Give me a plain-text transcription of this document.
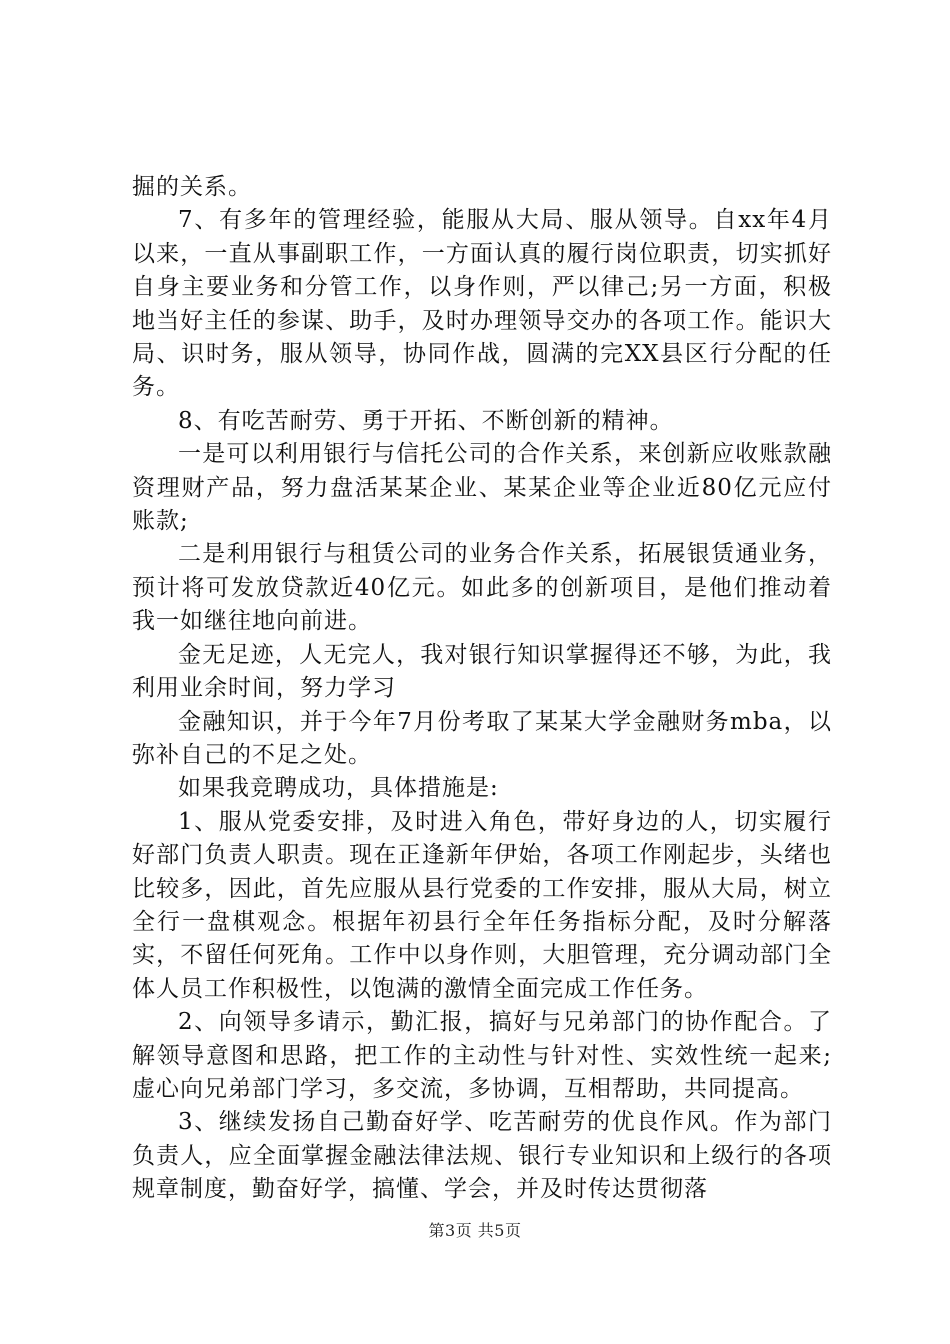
掘的关系。

7、有多年的管理经验，能服从大局、服从领导。自xx年4月以来，一直从事副职工作，一方面认真的履行岗位职责，切实抓好自身主要业务和分管工作，以身作则，严以律己;另一方面，积极地当好主任的参谋、助手，及时办理领导交办的各项工作。能识大局、识时务，服从领导，协同作战，圆满的完XX县区行分配的任务。

8、有吃苦耐劳、勇于开拓、不断创新的精神。

一是可以利用银行与信托公司的合作关系，来创新应收账款融资理财产品，努力盘活某某企业、某某企业等企业近80亿元应付账款;

二是利用银行与租赁公司的业务合作关系，拓展银赁通业务，预计将可发放贷款近40亿元。如此多的创新项目，是他们推动着我一如继往地向前进。

金无足迹，人无完人，我对银行知识掌握得还不够，为此，我利用业余时间，努力学习

金融知识，并于今年7月份考取了某某大学金融财务mba，以弥补自己的不足之处。

如果我竞聘成功，具体措施是:

1、服从党委安排，及时进入角色，带好身边的人，切实履行好部门负责人职责。现在正逢新年伊始，各项工作刚起步，头绪也比较多，因此，首先应服从县行党委的工作安排，服从大局，树立全行一盘棋观念。根据年初县行全年任务指标分配，及时分解落实，不留任何死角。工作中以身作则，大胆管理，充分调动部门全体人员工作积极性，以饱满的激情全面完成工作任务。

2、向领导多请示，勤汇报，搞好与兄弟部门的协作配合。了解领导意图和思路，把工作的主动性与针对性、实效性统一起来;虚心向兄弟部门学习，多交流，多协调，互相帮助，共同提高。

3、继续发扬自己勤奋好学、吃苦耐劳的优良作风。作为部门负责人，应全面掌握金融法律法规、银行专业知识和上级行的各项规章制度，勤奋好学，搞懂、学会，并及时传达贯彻落

第3页 共5页
